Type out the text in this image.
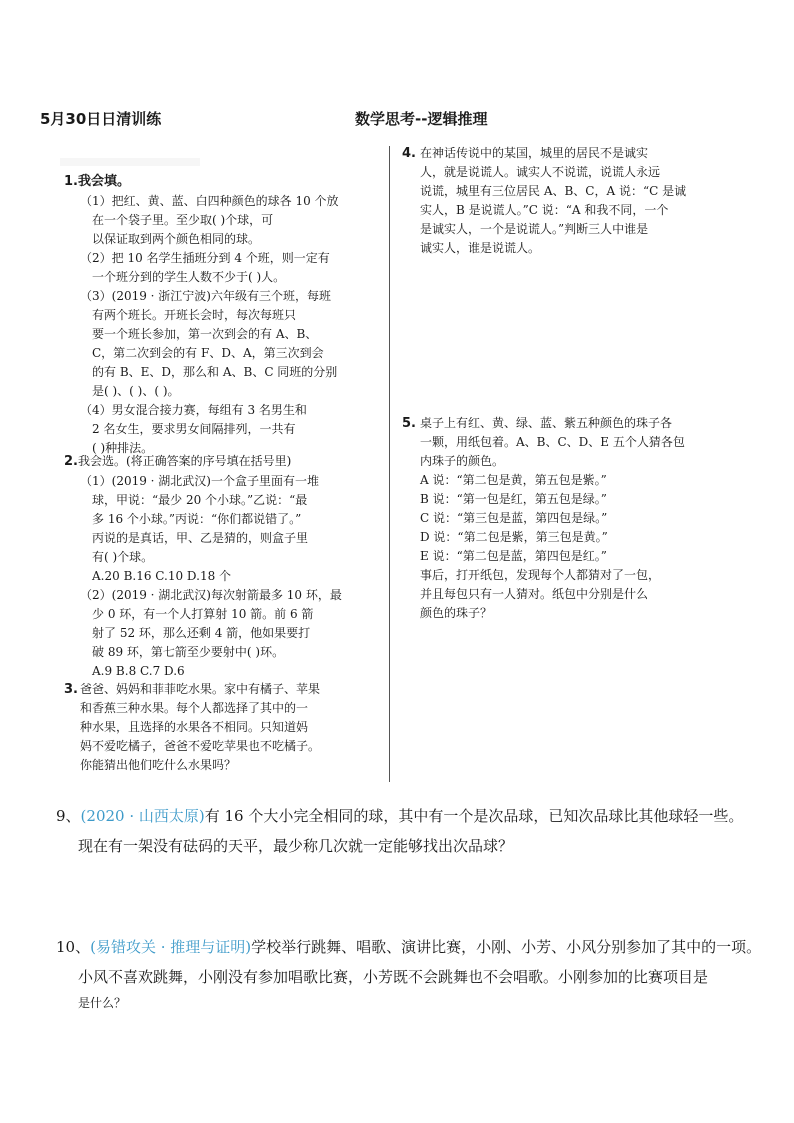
5月30日日清训练	数学思考--逻辑推理
1.我会填。
（1）把红、黄、蓝、白四种颜色的球各 10 个放
在一个袋子里。至少取( )个球，可
以保证取到两个颜色相同的球。
（2）把 10 名学生插班分到 4 个班，则一定有
一个班分到的学生人数不少于( )人。
（3）(2019 · 浙江宁波)六年级有三个班，每班
有两个班长。开班长会时，每次每班只
要一个班长参加，第一次到会的有 A、B、
C，第二次到会的有 F、D、A，第三次到会
的有 B、E、D，那么和 A、B、C 同班的分别
是( )、( )、( )。
（4）男女混合接力赛，每组有 3 名男生和
2 名女生，要求男女间隔排列，一共有
( )种排法。
2.我会选。(将正确答案的序号填在括号里)
（1）(2019 · 湖北武汉)一个盒子里面有一堆
球，甲说：“最少 20 个小球。”乙说：“最
多 16 个小球。”丙说：“你们都说错了。”
丙说的是真话，甲、乙是猜的，则盒子里
有( )个球。
A.20 B.16 C.10 D.18 个
（2）(2019 · 湖北武汉)每次射箭最多 10 环，最
少 0 环，有一个人打算射 10 箭。前 6 箭
射了 52 环，那么还剩 4 箭，他如果要打
破 89 环，第七箭至少要射中( )环。
A.9 B.8 C.7 D.6
3. 爸爸、妈妈和菲菲吃水果。家中有橘子、苹果
和香蕉三种水果。每个人都选择了其中的一
种水果，且选择的水果各不相同。只知道妈
妈不爱吃橘子，爸爸不爱吃苹果也不吃橘子。
你能猜出他们吃什么水果吗？
4. 在神话传说中的某国，城里的居民不是诚实
人，就是说谎人。诚实人不说谎，说谎人永远
说谎，城里有三位居民 A、B、C，A 说：“C 是诚
实人，B 是说谎人。”C 说：“A 和我不同，一个
是诚实人，一个是说谎人。”判断三人中谁是
诚实人，谁是说谎人。
5. 桌子上有红、黄、绿、蓝、紫五种颜色的珠子各
一颗，用纸包着。A、B、C、D、E 五个人猜各包
内珠子的颜色。
A 说：“第二包是黄，第五包是紫。”
B 说：“第一包是红，第五包是绿。”
C 说：“第三包是蓝，第四包是绿。”
D 说：“第二包是紫，第三包是黄。”
E 说：“第二包是蓝，第四包是红。”
事后，打开纸包，发现每个人都猜对了一包，
并且每包只有一人猜对。纸包中分别是什么
颜色的珠子？
9、(2020 · 山西太原)有 16 个大小完全相同的球，其中有一个是次品球，已知次品球比其他球轻一些。
现在有一架没有砝码的天平，最少称几次就一定能够找出次品球？
10、(易错攻关 · 推理与证明)学校举行跳舞、唱歌、演讲比赛，小刚、小芳、小风分别参加了其中的一项。
小风不喜欢跳舞，小刚没有参加唱歌比赛，小芳既不会跳舞也不会唱歌。小刚参加的比赛项目是
是什么？
